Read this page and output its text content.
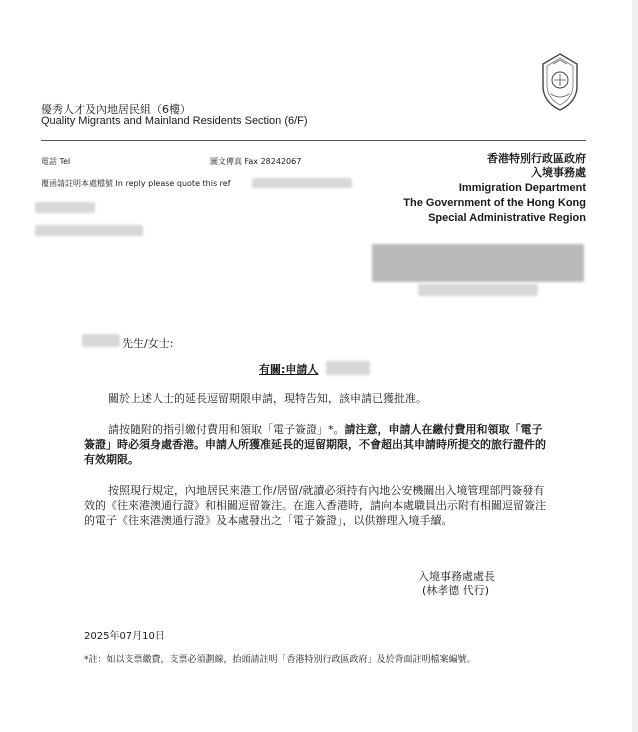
優秀人才及內地居民組（6樓）
Quality Migrants and Mainland Residents Section (6/F)
電話 Tel	圖文傳真 Fax 28242067
覆函請註明本處檔號 In reply please quote this ref
香港特別行政區政府
入境事務處
Immigration Department
The Government of the Hong Kong
Special Administrative Region
先生/女士:
有關:申請人
關於上述人士的延長逗留期限申請，現特告知，該申請已獲批准。
請按隨附的指引繳付費用和領取「電子簽證」*。請注意，申請人在繳付費用和領取「電子簽證」時必須身處香港。申請人所獲准延長的逗留期限，不會超出其申請時所提交的旅行證件的有效期限。
按照現行規定，內地居民來港工作/居留/就讀必須持有內地公安機關出入境管理部門簽發有效的《往來港澳通行證》和相關逗留簽注。在進入香港時，請向本處職員出示附有相關逗留簽注的電子《往來港澳通行證》及本處發出之「電子簽證」，以供辦理入境手續。
入境事務處處長
(林孝德 代行)
2025年07月10日
*註：如以支票繳費，支票必須劃線，抬頭請註明「香港特別行政區政府」及於背面註明檔案編號。
